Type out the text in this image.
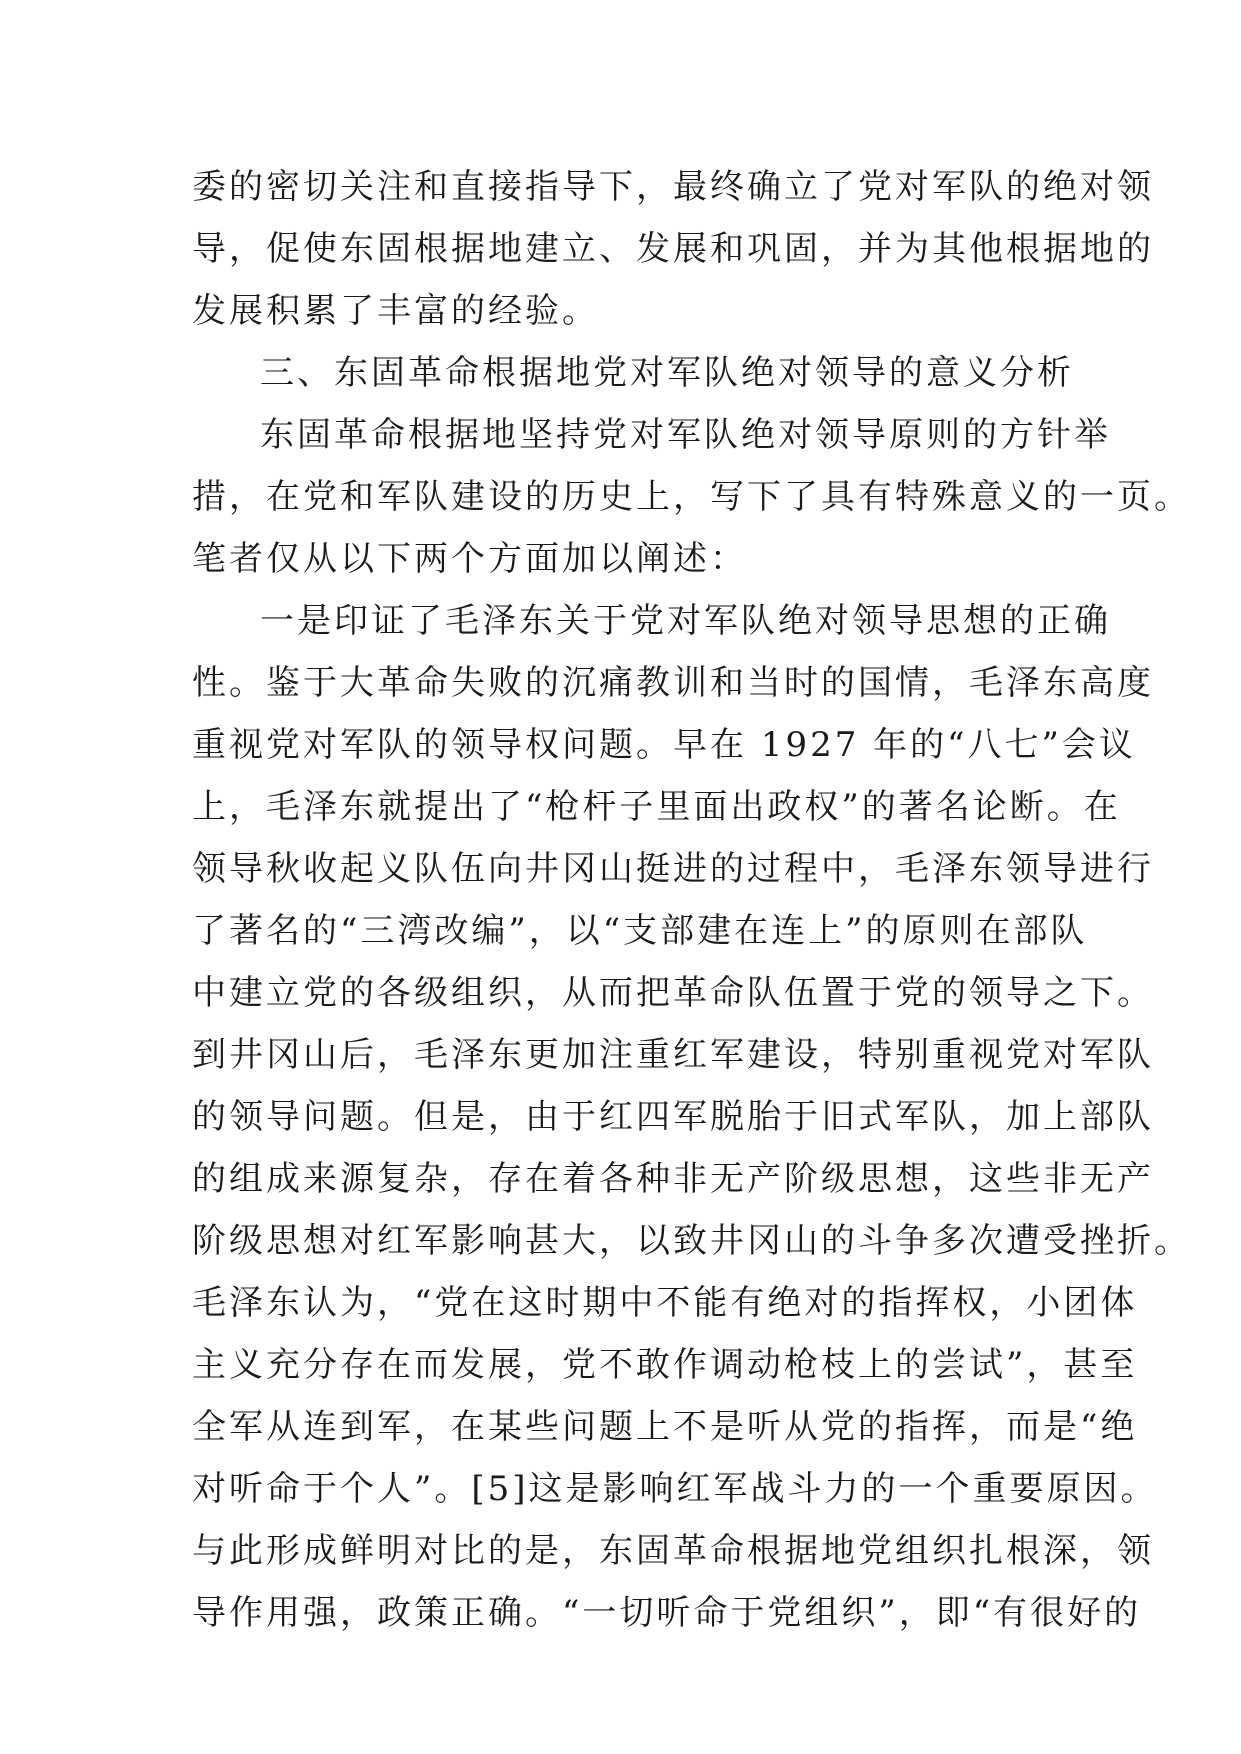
委的密切关注和直接指导下，最终确立了党对军队的绝对领
导，促使东固根据地建立、发展和巩固，并为其他根据地的
发展积累了丰富的经验。
三、东固革命根据地党对军队绝对领导的意义分析
东固革命根据地坚持党对军队绝对领导原则的方针举
措，在党和军队建设的历史上，写下了具有特殊意义的一页。
笔者仅从以下两个方面加以阐述：
一是印证了毛泽东关于党对军队绝对领导思想的正确
性。鉴于大革命失败的沉痛教训和当时的国情，毛泽东高度
重视党对军队的领导权问题。早在 1927 年的“八七”会议
上，毛泽东就提出了“枪杆子里面出政权”的著名论断。在
领导秋收起义队伍向井冈山挺进的过程中，毛泽东领导进行
了著名的“三湾改编”，以“支部建在连上”的原则在部队
中建立党的各级组织，从而把革命队伍置于党的领导之下。
到井冈山后，毛泽东更加注重红军建设，特别重视党对军队
的领导问题。但是，由于红四军脱胎于旧式军队，加上部队
的组成来源复杂，存在着各种非无产阶级思想，这些非无产
阶级思想对红军影响甚大，以致井冈山的斗争多次遭受挫折。
毛泽东认为，“党在这时期中不能有绝对的指挥权，小团体
主义充分存在而发展，党不敢作调动枪枝上的尝试”，甚至
全军从连到军，在某些问题上不是听从党的指挥，而是“绝
对听命于个人”。[5]这是影响红军战斗力的一个重要原因。
与此形成鲜明对比的是，东固革命根据地党组织扎根深，领
导作用强，政策正确。“一切听命于党组织”，即“有很好的
